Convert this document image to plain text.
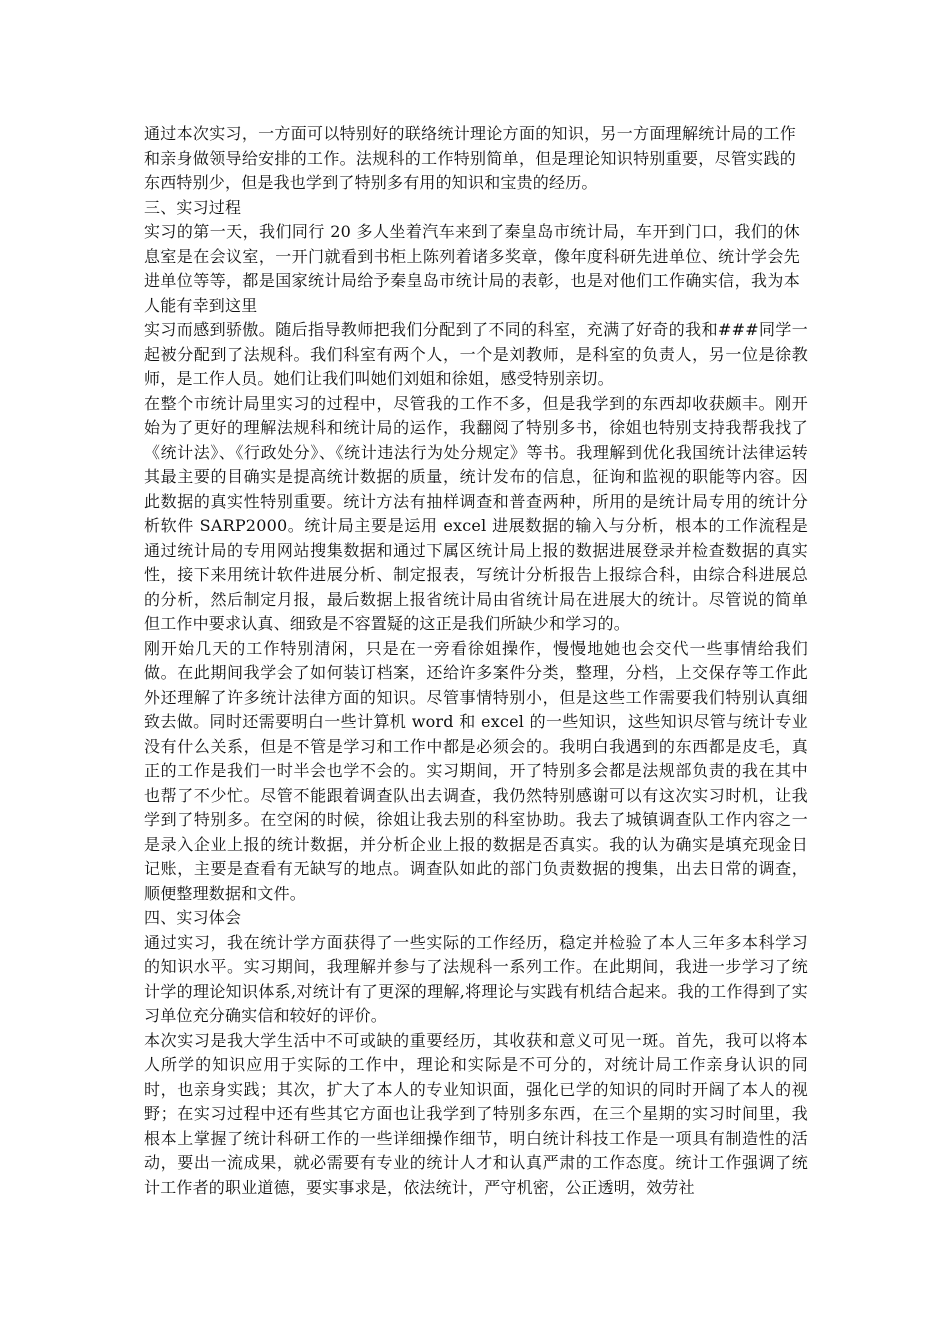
通过本次实习，一方面可以特别好的联络统计理论方面的知识，另一方面理解统计局的工作和亲身做领导给安排的工作。法规科的工作特别简单，但是理论知识特别重要，尽管实践的东西特别少，但是我也学到了特别多有用的知识和宝贵的经历。

三、实习过程

实习的第一天，我们同行 20 多人坐着汽车来到了秦皇岛市统计局，车开到门口，我们的休息室是在会议室，一开门就看到书柜上陈列着诸多奖章，像年度科研先进单位、统计学会先进单位等等，都是国家统计局给予秦皇岛市统计局的表彰，也是对他们工作确实信，我为本人能有幸到这里

实习而感到骄傲。随后指导教师把我们分配到了不同的科室，充满了好奇的我和###同学一起被分配到了法规科。我们科室有两个人，一个是刘教师，是科室的负责人，另一位是徐教师，是工作人员。她们让我们叫她们刘姐和徐姐，感受特别亲切。

在整个市统计局里实习的过程中，尽管我的工作不多，但是我学到的东西却收获颇丰。刚开始为了更好的理解法规科和统计局的运作，我翻阅了特别多书，徐姐也特别支持我帮我找了《统计法》、《行政处分》、《统计违法行为处分规定》等书。我理解到优化我国统计法律运转其最主要的目确实是提高统计数据的质量，统计发布的信息，征询和监视的职能等内容。因此数据的真实性特别重要。统计方法有抽样调查和普查两种，所用的是统计局专用的统计分析软件 SARP2000。统计局主要是运用 excel 进展数据的输入与分析，根本的工作流程是通过统计局的专用网站搜集数据和通过下属区统计局上报的数据进展登录并检查数据的真实性，接下来用统计软件进展分析、制定报表，写统计分析报告上报综合科，由综合科进展总的分析，然后制定月报，最后数据上报省统计局由省统计局在进展大的统计。尽管说的简单但工作中要求认真、细致是不容置疑的这正是我们所缺少和学习的。

刚开始几天的工作特别清闲，只是在一旁看徐姐操作，慢慢地她也会交代一些事情给我们做。在此期间我学会了如何装订档案，还给许多案件分类，整理，分档，上交保存等工作此外还理解了许多统计法律方面的知识。尽管事情特别小，但是这些工作需要我们特别认真细致去做。同时还需要明白一些计算机 word 和 excel 的一些知识，这些知识尽管与统计专业没有什么关系，但是不管是学习和工作中都是必须会的。我明白我遇到的东西都是皮毛，真正的工作是我们一时半会也学不会的。实习期间，开了特别多会都是法规部负责的我在其中也帮了不少忙。尽管不能跟着调查队出去调查，我仍然特别感谢可以有这次实习时机，让我学到了特别多。在空闲的时候，徐姐让我去别的科室协助。我去了城镇调查队工作内容之一是录入企业上报的统计数据，并分析企业上报的数据是否真实。我的认为确实是填充现金日记账，主要是查看有无缺写的地点。调查队如此的部门负责数据的搜集，出去日常的调查，顺便整理数据和文件。

四、实习体会

通过实习，我在统计学方面获得了一些实际的工作经历，稳定并检验了本人三年多本科学习的知识水平。实习期间，我理解并参与了法规科一系列工作。在此期间，我进一步学习了统计学的理论知识体系,对统计有了更深的理解,将理论与实践有机结合起来。我的工作得到了实习单位充分确实信和较好的评价。

本次实习是我大学生活中不可或缺的重要经历，其收获和意义可见一斑。首先，我可以将本人所学的知识应用于实际的工作中，理论和实际是不可分的，对统计局工作亲身认识的同时，也亲身实践；其次，扩大了本人的专业知识面，强化已学的知识的同时开阔了本人的视野；在实习过程中还有些其它方面也让我学到了特别多东西，在三个星期的实习时间里，我根本上掌握了统计科研工作的一些详细操作细节，明白统计科技工作是一项具有制造性的活动，要出一流成果，就必需要有专业的统计人才和认真严肃的工作态度。统计工作强调了统计工作者的职业道德，要实事求是，依法统计，严守机密，公正透明，效劳社
